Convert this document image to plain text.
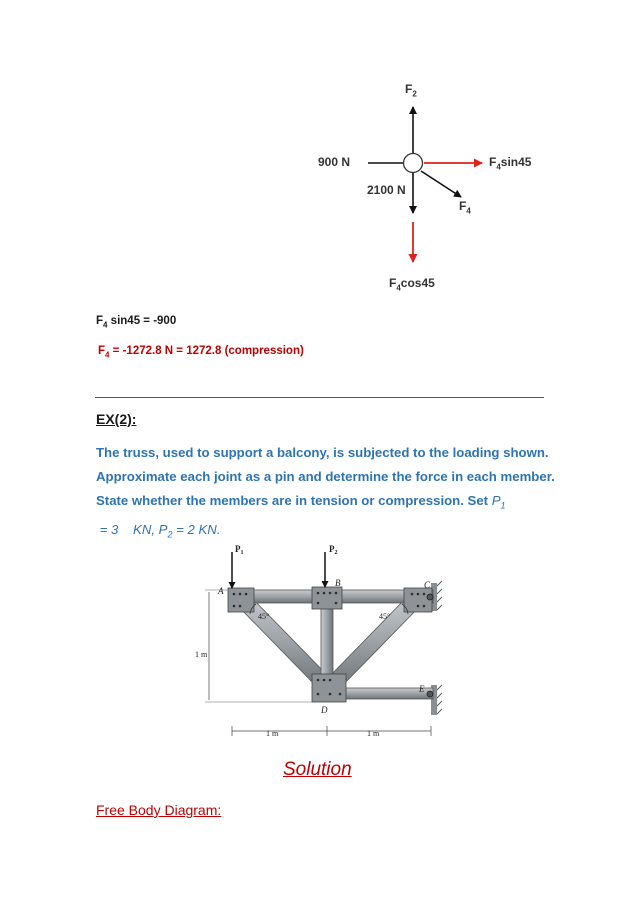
$F_2$
900 N
2100 N
$F_4\sin 45$
$F_4$
$F_4\cos 45$
$F_4$ sin45 = -900
$F_4 = -1272.8$ N = 1272.8 (compression)
EX(2):
The truss, used to support a balcony, is subjected to the loading shown. Approximate each joint as a pin and determine the force in each member. State whether the members are in tension or compression. Set $P_1 = 3$    KN, $P_2 = 2$ KN.
$P_1$	$P_2$
A
B	C
D
E
45°	45°
1 m
1 m	1 m
Solution
Free Body Diagram:
